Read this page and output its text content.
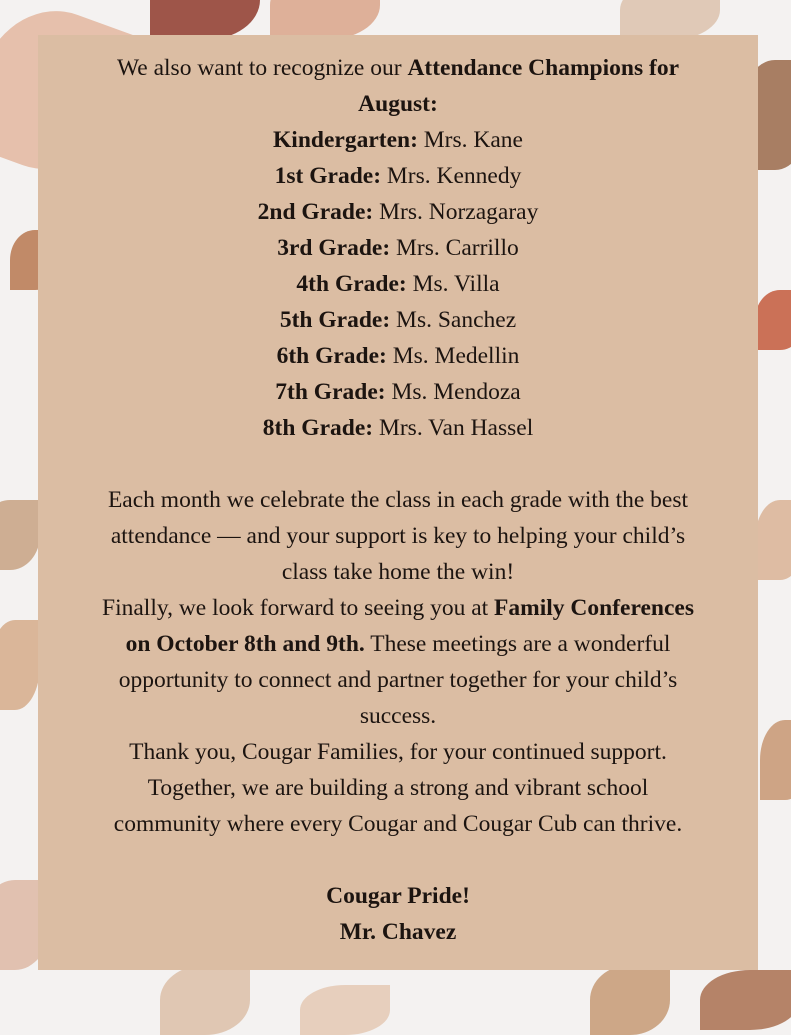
We also want to recognize our Attendance Champions for
August:
Kindergarten: Mrs. Kane
1st Grade: Mrs. Kennedy
2nd Grade: Mrs. Norzagaray
3rd Grade: Mrs. Carrillo
4th Grade: Ms. Villa
5th Grade: Ms. Sanchez
6th Grade: Ms. Medellin
7th Grade: Ms. Mendoza
8th Grade: Mrs. Van Hassel
Each month we celebrate the class in each grade with the best
attendance — and your support is key to helping your child’s
class take home the win!
Finally, we look forward to seeing you at Family Conferences
on October 8th and 9th. These meetings are a wonderful
opportunity to connect and partner together for your child’s
success.
Thank you, Cougar Families, for your continued support.
Together, we are building a strong and vibrant school
community where every Cougar and Cougar Cub can thrive.
Cougar Pride!
Mr. Chavez
